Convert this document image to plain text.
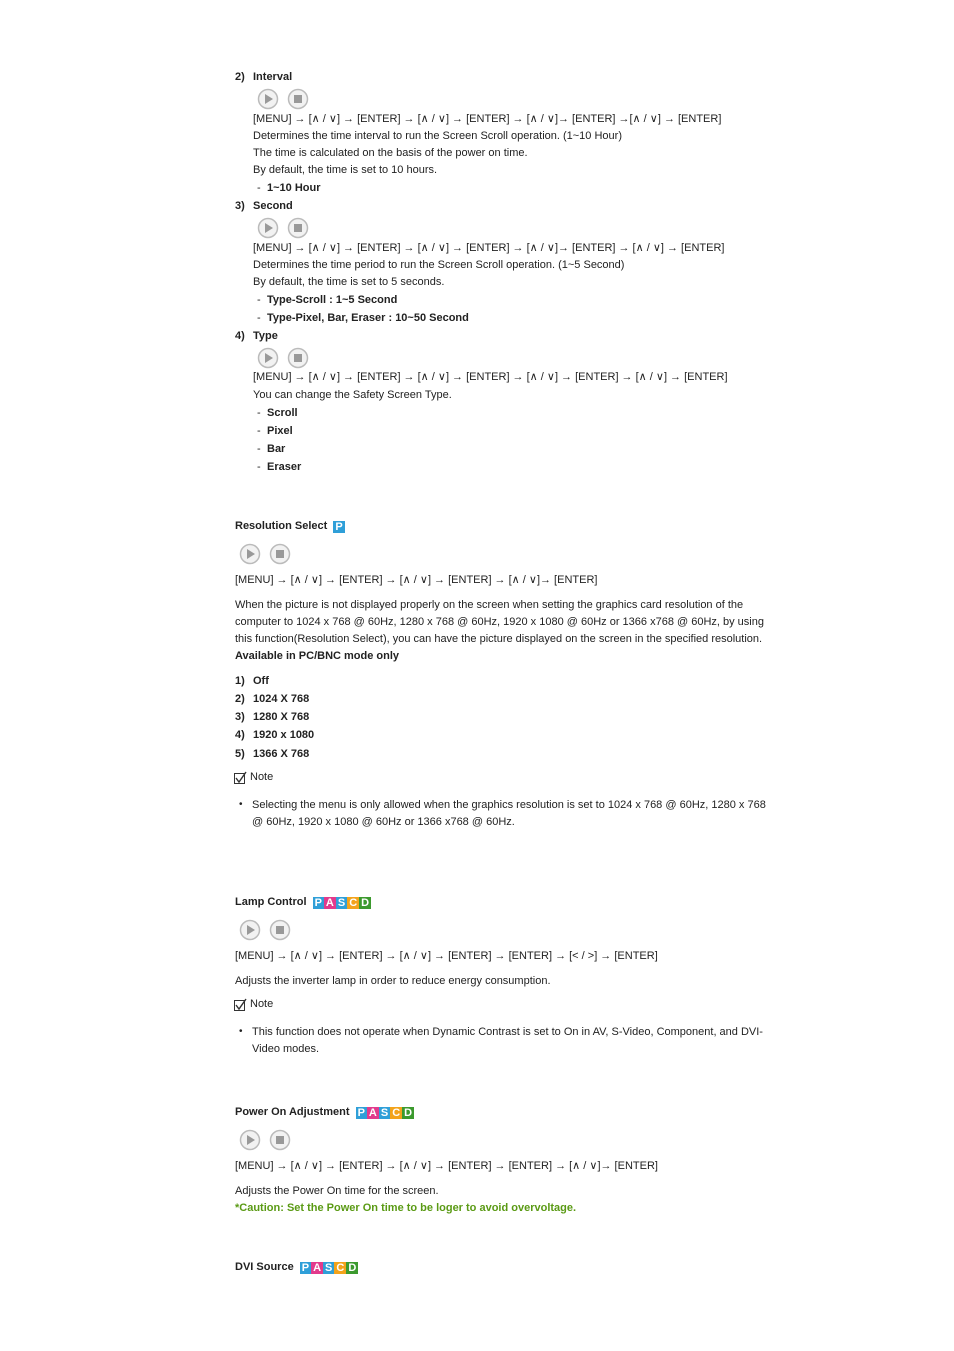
2) Interval
[MENU] → [∧ / ∨] → [ENTER] → [∧ / ∨] → [ENTER] → [∧ / ∨]→ [ENTER] →[∧ / ∨] → [ENTER]
Determines the time interval to run the Screen Scroll operation. (1~10 Hour)
The time is calculated on the basis of the power on time.
By default, the time is set to 10 hours.
- 1~10 Hour
3) Second
[MENU] → [∧ / ∨] → [ENTER] → [∧ / ∨] → [ENTER] → [∧ / ∨]→ [ENTER] → [∧ / ∨] → [ENTER]
Determines the time period to run the Screen Scroll operation. (1~5 Second)
By default, the time is set to 5 seconds.
- Type-Scroll : 1~5 Second
- Type-Pixel, Bar, Eraser : 10~50 Second
4) Type
[MENU] → [∧ / ∨] → [ENTER] → [∧ / ∨] → [ENTER] → [∧ / ∨] → [ENTER] → [∧ / ∨] → [ENTER]
You can change the Safety Screen Type.
- Scroll
- Pixel
- Bar
- Eraser
Resolution Select P
[MENU] → [∧ / ∨] → [ENTER] → [∧ / ∨] → [ENTER] → [∧ / ∨]→ [ENTER]
When the picture is not displayed properly on the screen when setting the graphics card resolution of the
computer to 1024 x 768 @ 60Hz, 1280 x 768 @ 60Hz, 1920 x 1080 @ 60Hz or 1366 x768 @ 60Hz, by using
this function(Resolution Select), you can have the picture displayed on the screen in the specified resolution.
Available in PC/BNC mode only
1) Off
2) 1024 X 768
3) 1280 X 768
4) 1920 x 1080
5) 1366 X 768
Note
• Selecting the menu is only allowed when the graphics resolution is set to 1024 x 768 @ 60Hz, 1280 x 768
@ 60Hz, 1920 x 1080 @ 60Hz or 1366 x768 @ 60Hz.
Lamp Control P A S C D
[MENU] → [∧ / ∨] → [ENTER] → [∧ / ∨] → [ENTER] → [ENTER] → [< / >] → [ENTER]
Adjusts the inverter lamp in order to reduce energy consumption.
Note
• This function does not operate when Dynamic Contrast is set to On in AV, S-Video, Component, and DVI-
Video modes.
Power On Adjustment P A S C D
[MENU] → [∧ / ∨] → [ENTER] → [∧ / ∨] → [ENTER] → [ENTER] → [∧ / ∨]→ [ENTER]
Adjusts the Power On time for the screen.
*Caution: Set the Power On time to be loger to avoid overvoltage.
DVI Source P A S C D
